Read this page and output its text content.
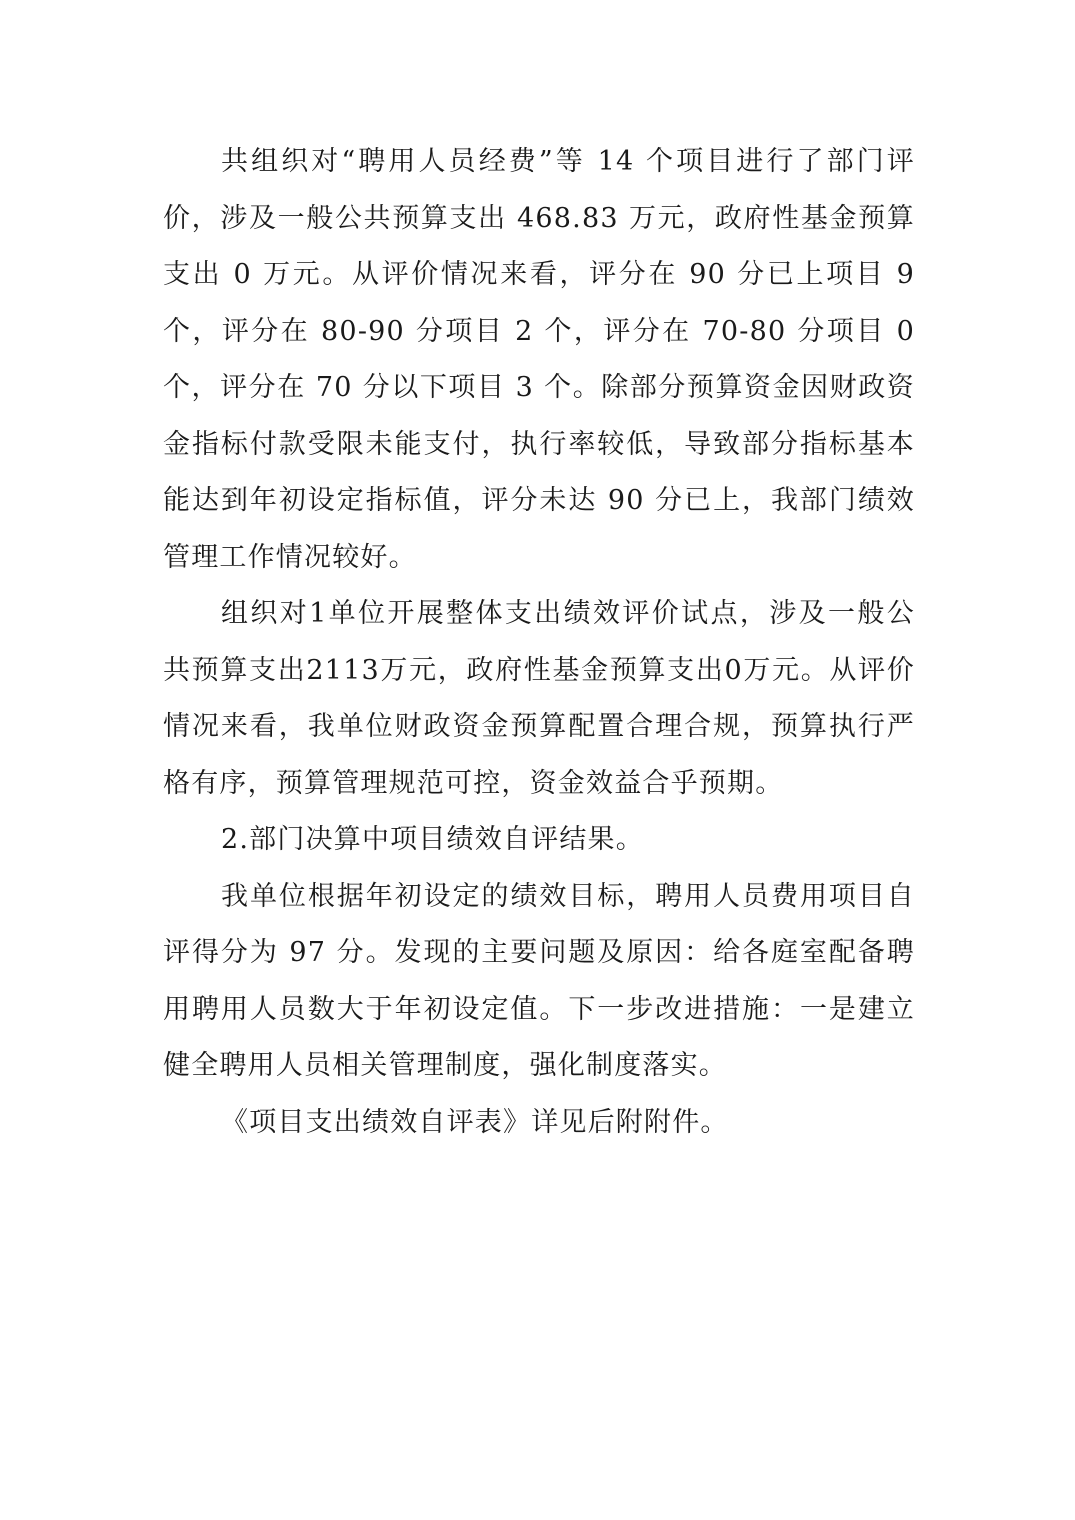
共组织对“聘用人员经费”等 14 个项目进行了部门评价，涉及一般公共预算支出 468.83 万元，政府性基金预算支出 0 万元。从评价情况来看，评分在 90 分已上项目 9 个，评分在 80-90 分项目 2 个，评分在 70-80 分项目 0 个，评分在 70 分以下项目 3 个。除部分预算资金因财政资金指标付款受限未能支付，执行率较低，导致部分指标基本能达到年初设定指标值，评分未达 90 分已上，我部门绩效管理工作情况较好。

组织对1单位开展整体支出绩效评价试点，涉及一般公共预算支出2113万元，政府性基金预算支出0万元。从评价情况来看，我单位财政资金预算配置合理合规，预算执行严格有序，预算管理规范可控，资金效益合乎预期。

2.部门决算中项目绩效自评结果。

我单位根据年初设定的绩效目标，聘用人员费用项目自评得分为 97 分。发现的主要问题及原因：给各庭室配备聘用聘用人员数大于年初设定值。下一步改进措施：一是建立健全聘用人员相关管理制度，强化制度落实。

《项目支出绩效自评表》详见后附附件。
